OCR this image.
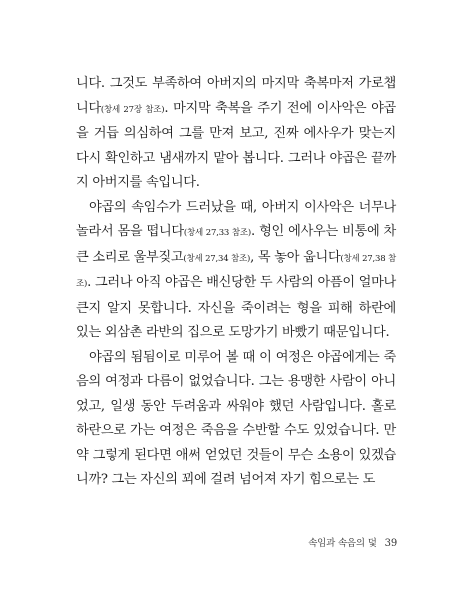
니다. 그것도 부족하여 아버지의 마지막 축복마저 가로챕니다(창세 27장 참조). 마지막 축복을 주기 전에 이사악은 야곱을 거듭 의심하여 그를 만져 보고, 진짜 에사우가 맞는지 다시 확인하고 냄새까지 맡아 봅니다. 그러나 야곱은 끝까지 아버지를 속입니다.

야곱의 속임수가 드러났을 때, 아버지 이사악은 너무나 놀라서 몸을 떱니다(창세 27,33 참조). 형인 에사우는 비통에 차 큰 소리로 울부짖고(창세 27,34 참조), 목 놓아 웁니다(창세 27,38 참조). 그러나 아직 야곱은 배신당한 두 사람의 아픔이 얼마나 큰지 알지 못합니다. 자신을 죽이려는 형을 피해 하란에 있는 외삼촌 라반의 집으로 도망가기 바빴기 때문입니다.

야곱의 됨됨이로 미루어 볼 때 이 여정은 야곱에게는 죽음의 여정과 다름이 없었습니다. 그는 용맹한 사람이 아니었고, 일생 동안 두려움과 싸워야 했던 사람입니다. 홀로 하란으로 가는 여정은 죽음을 수반할 수도 있었습니다. 만약 그렇게 된다면 애써 얻었던 것들이 무슨 소용이 있겠습니까? 그는 자신의 꾀에 걸려 넘어져 자기 힘으로는 도

속임과 속음의 덫 39
